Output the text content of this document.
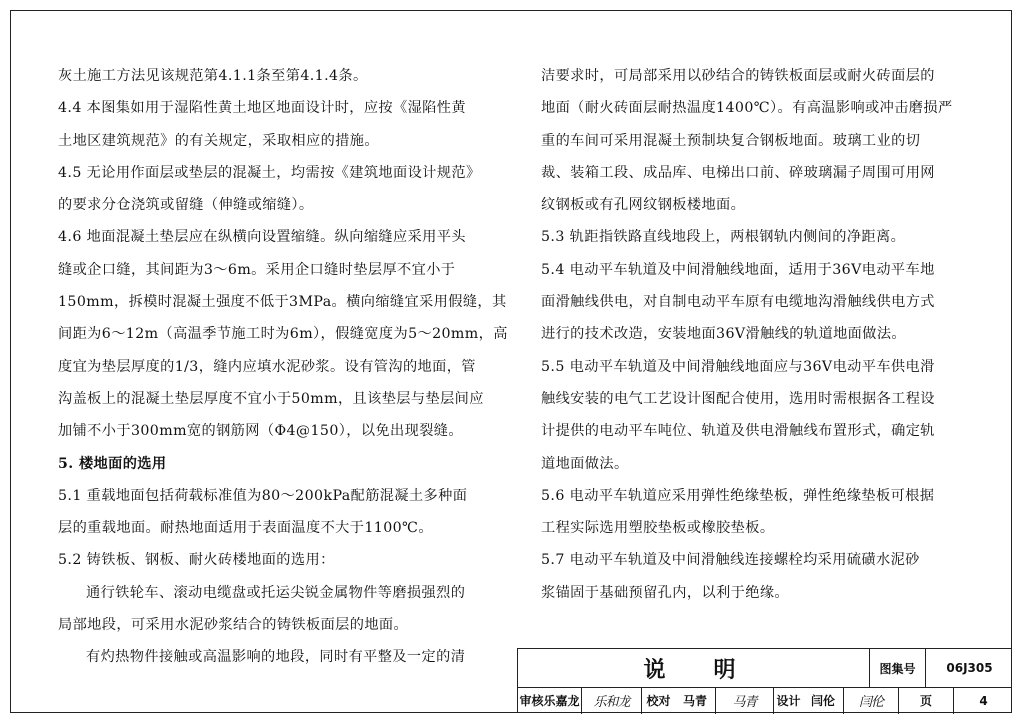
灰土施工方法见该规范第4.1.1条至第4.1.4条。

4.4 本图集如用于湿陷性黄土地区地面设计时，应按《湿陷性黄

土地区建筑规范》的有关规定，采取相应的措施。

4.5 无论用作面层或垫层的混凝土，均需按《建筑地面设计规范》

的要求分仓浇筑或留缝（伸缝或缩缝）。

4.6 地面混凝土垫层应在纵横向设置缩缝。纵向缩缝应采用平头

缝或企口缝，其间距为3～6m。采用企口缝时垫层厚不宜小于

150mm，拆模时混凝土强度不低于3MPa。横向缩缝宜采用假缝，其

间距为6～12m（高温季节施工时为6m），假缝宽度为5～20mm，高

度宜为垫层厚度的1/3，缝内应填水泥砂浆。设有管沟的地面，管

沟盖板上的混凝土垫层厚度不宜小于50mm，且该垫层与垫层间应

加铺不小于300mm宽的钢筋网（Φ4@150），以免出现裂缝。

5. 楼地面的选用

5.1 重载地面包括荷载标准值为80～200kPa配筋混凝土多种面

层的重载地面。耐热地面适用于表面温度不大于1100℃。

5.2 铸铁板、钢板、耐火砖楼地面的选用：

通行铁轮车、滚动电缆盘或托运尖锐金属物件等磨损强烈的

局部地段，可采用水泥砂浆结合的铸铁板面层的地面。

有灼热物件接触或高温影响的地段，同时有平整及一定的清

洁要求时，可局部采用以砂结合的铸铁板面层或耐火砖面层的

地面（耐火砖面层耐热温度1400℃）。有高温影响或冲击磨损严

重的车间可采用混凝土预制块复合钢板地面。玻璃工业的切

裁、装箱工段、成品库、电梯出口前、碎玻璃漏子周围可用网

纹钢板或有孔网纹钢板楼地面。

5.3 轨距指铁路直线地段上，两根钢轨内侧间的净距离。

5.4 电动平车轨道及中间滑触线地面，适用于36V电动平车地

面滑触线供电，对自制电动平车原有电缆地沟滑触线供电方式

进行的技术改造，安装地面36V滑触线的轨道地面做法。

5.5 电动平车轨道及中间滑触线地面应与36V电动平车供电滑

触线安装的电气工艺设计图配合使用，选用时需根据各工程设

计提供的电动平车吨位、轨道及供电滑触线布置形式，确定轨

道地面做法。

5.6 电动平车轨道应采用弹性绝缘垫板，弹性绝缘垫板可根据

工程实际选用塑胶垫板或橡胶垫板。

5.7 电动平车轨道及中间滑触线连接螺栓均采用硫磺水泥砂

浆锚固于基础预留孔内，以利于绝缘。

说明	图集号	06J305
审核 乐嘉龙	乐和龙	校对	马青	马青	设计 闫伦	闫伦	页	4
